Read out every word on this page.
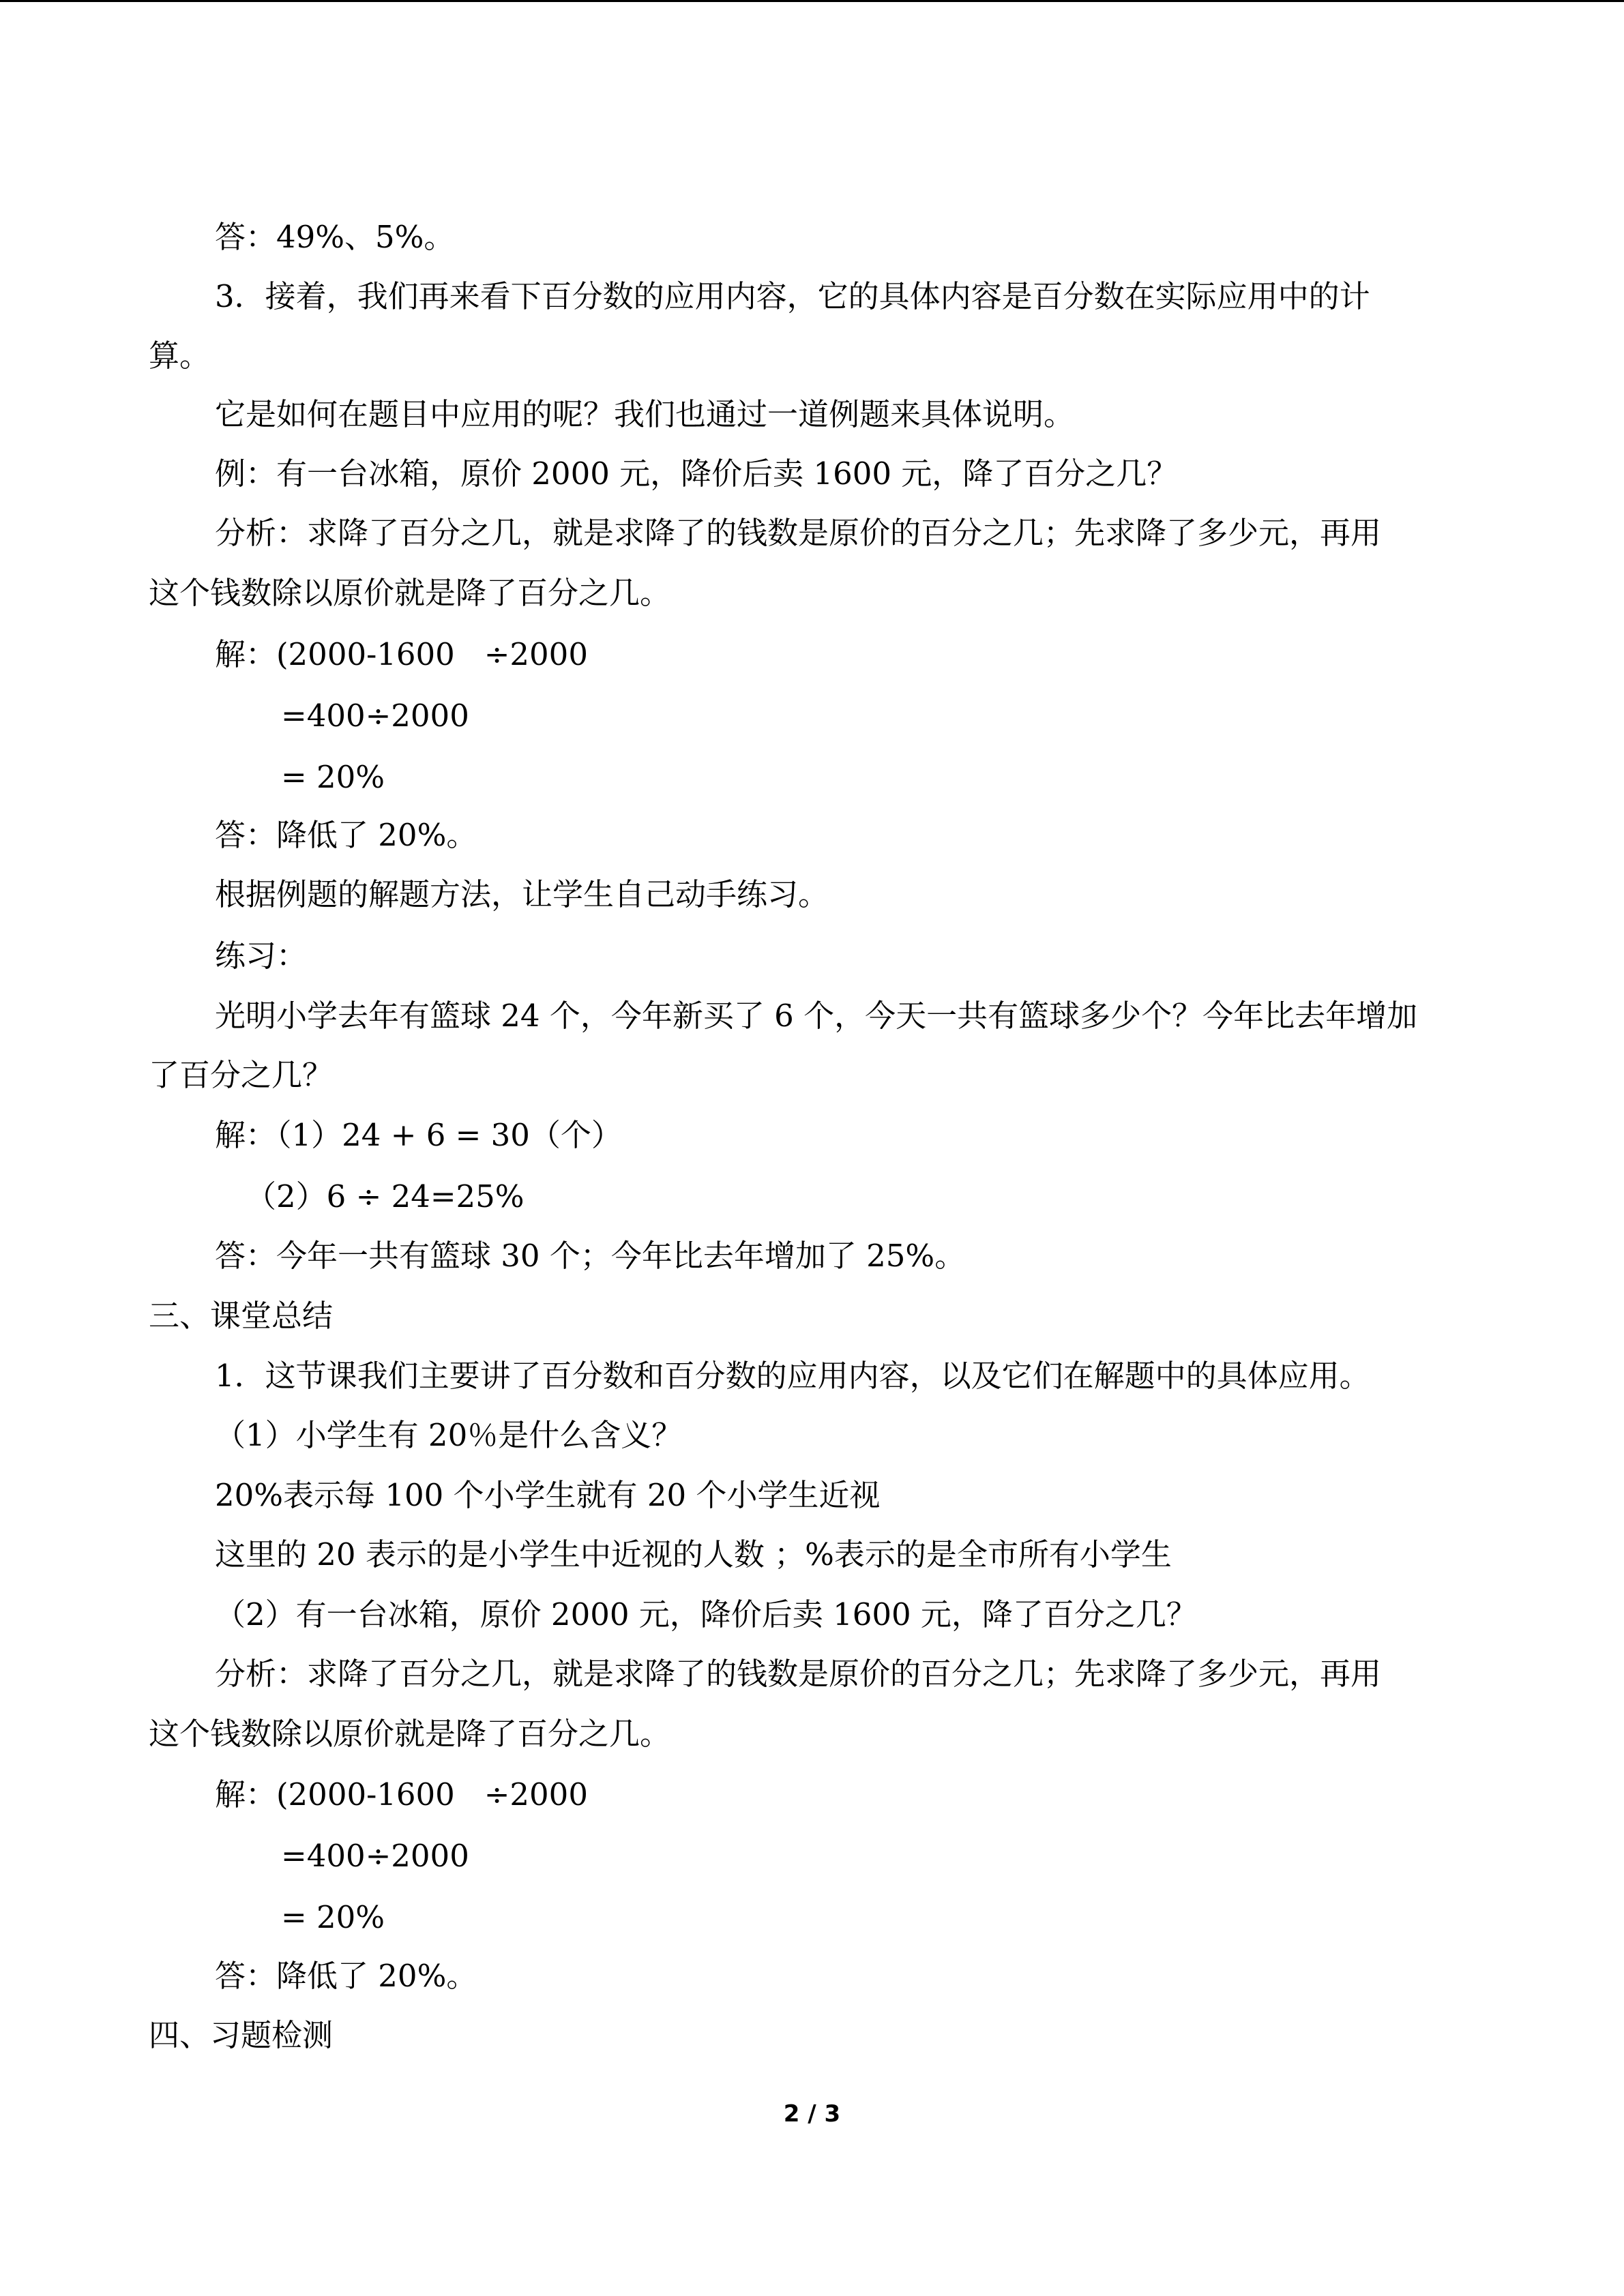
答：49%、5%。
3．接着，我们再来看下百分数的应用内容，它的具体内容是百分数在实际应用中的计
算。
它是如何在题目中应用的呢？我们也通过一道例题来具体说明。
例：有一台冰箱，原价 2000 元，降价后卖 1600 元，降了百分之几？
分析：求降了百分之几，就是求降了的钱数是原价的百分之几；先求降了多少元，再用
这个钱数除以原价就是降了百分之几。
解：(2000-1600   ÷2000
=400÷2000
= 20%
答：降低了 20%。
根据例题的解题方法，让学生自己动手练习。
练习：
光明小学去年有篮球 24 个，今年新买了 6 个，今天一共有篮球多少个？今年比去年增加
了百分之几？
解：（1）24 + 6 = 30（个）
（2）6 ÷ 24=25%
答：今年一共有篮球 30 个；今年比去年增加了 25%。
三、课堂总结
1．这节课我们主要讲了百分数和百分数的应用内容，以及它们在解题中的具体应用。
（1）小学生有 20％是什么含义？
20%表示每 100 个小学生就有 20 个小学生近视
这里的 20 表示的是小学生中近视的人数 ；%表示的是全市所有小学生
（2）有一台冰箱，原价 2000 元，降价后卖 1600 元，降了百分之几？
分析：求降了百分之几，就是求降了的钱数是原价的百分之几；先求降了多少元，再用
这个钱数除以原价就是降了百分之几。
解：(2000-1600   ÷2000
=400÷2000
= 20%
答：降低了 20%。
四、习题检测
2 / 3
